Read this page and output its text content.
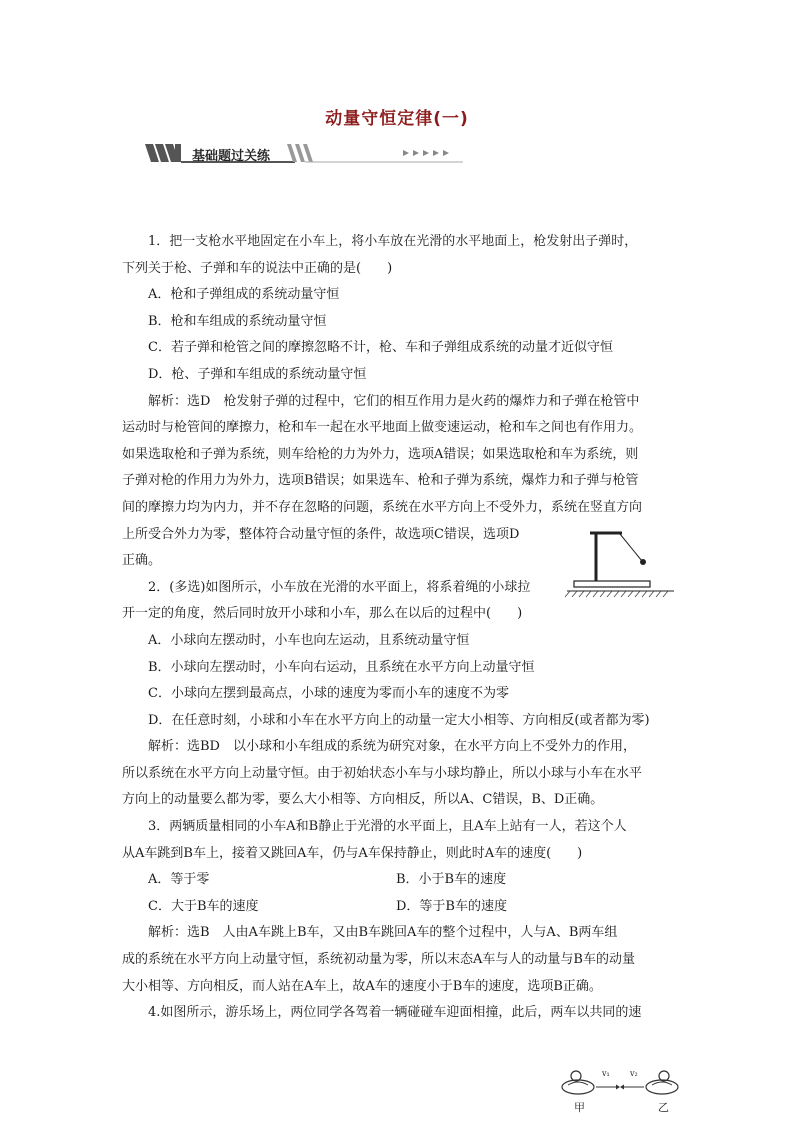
动量守恒定律(一)
基础题过关练
1．把一支枪水平地固定在小车上，将小车放在光滑的水平地面上，枪发射出子弹时，
下列关于枪、子弹和车的说法中正确的是(　　)
A．枪和子弹组成的系统动量守恒
B．枪和车组成的系统动量守恒
C．若子弹和枪管之间的摩擦忽略不计，枪、车和子弹组成系统的动量才近似守恒
D．枪、子弹和车组成的系统动量守恒
解析：选D　枪发射子弹的过程中，它们的相互作用力是火药的爆炸力和子弹在枪管中
运动时与枪管间的摩擦力，枪和车一起在水平地面上做变速运动，枪和车之间也有作用力。
如果选取枪和子弹为系统，则车给枪的力为外力，选项A错误；如果选取枪和车为系统，则
子弹对枪的作用力为外力，选项B错误；如果选车、枪和子弹为系统，爆炸力和子弹与枪管
间的摩擦力均为内力，并不存在忽略的问题，系统在水平方向上不受外力，系统在竖直方向
上所受合外力为零，整体符合动量守恒的条件，故选项C错误，选项D
正确。
2．(多选)如图所示，小车放在光滑的水平面上，将系着绳的小球拉
开一定的角度，然后同时放开小球和小车，那么在以后的过程中(　　)
A．小球向左摆动时，小车也向左运动，且系统动量守恒
B．小球向左摆动时，小车向右运动，且系统在水平方向上动量守恒
C．小球向左摆到最高点，小球的速度为零而小车的速度不为零
D．在任意时刻，小球和小车在水平方向上的动量一定大小相等、方向相反(或者都为零)
解析：选BD　以小球和小车组成的系统为研究对象，在水平方向上不受外力的作用，
所以系统在水平方向上动量守恒。由于初始状态小车与小球均静止，所以小球与小车在水平
方向上的动量要么都为零，要么大小相等、方向相反，所以A、C错误，B、D正确。
3．两辆质量相同的小车A和B静止于光滑的水平面上，且A车上站有一人，若这个人
从A车跳到B车上，接着又跳回A车，仍与A车保持静止，则此时A车的速度(　　)
A．等于零	B．小于B车的速度
C．大于B车的速度	D．等于B车的速度
解析：选B　人由A车跳上B车，又由B车跳回A车的整个过程中，人与A、B两车组
成的系统在水平方向上动量守恒，系统初动量为零，所以末态A车与人的动量与B车的动量
大小相等、方向相反，而人站在A车上，故A车的速度小于B车的速度，选项B正确。
4.如图所示，游乐场上，两位同学各驾着一辆碰碰车迎面相撞，此后，两车以共同的速
v₁	v₂
甲	乙
